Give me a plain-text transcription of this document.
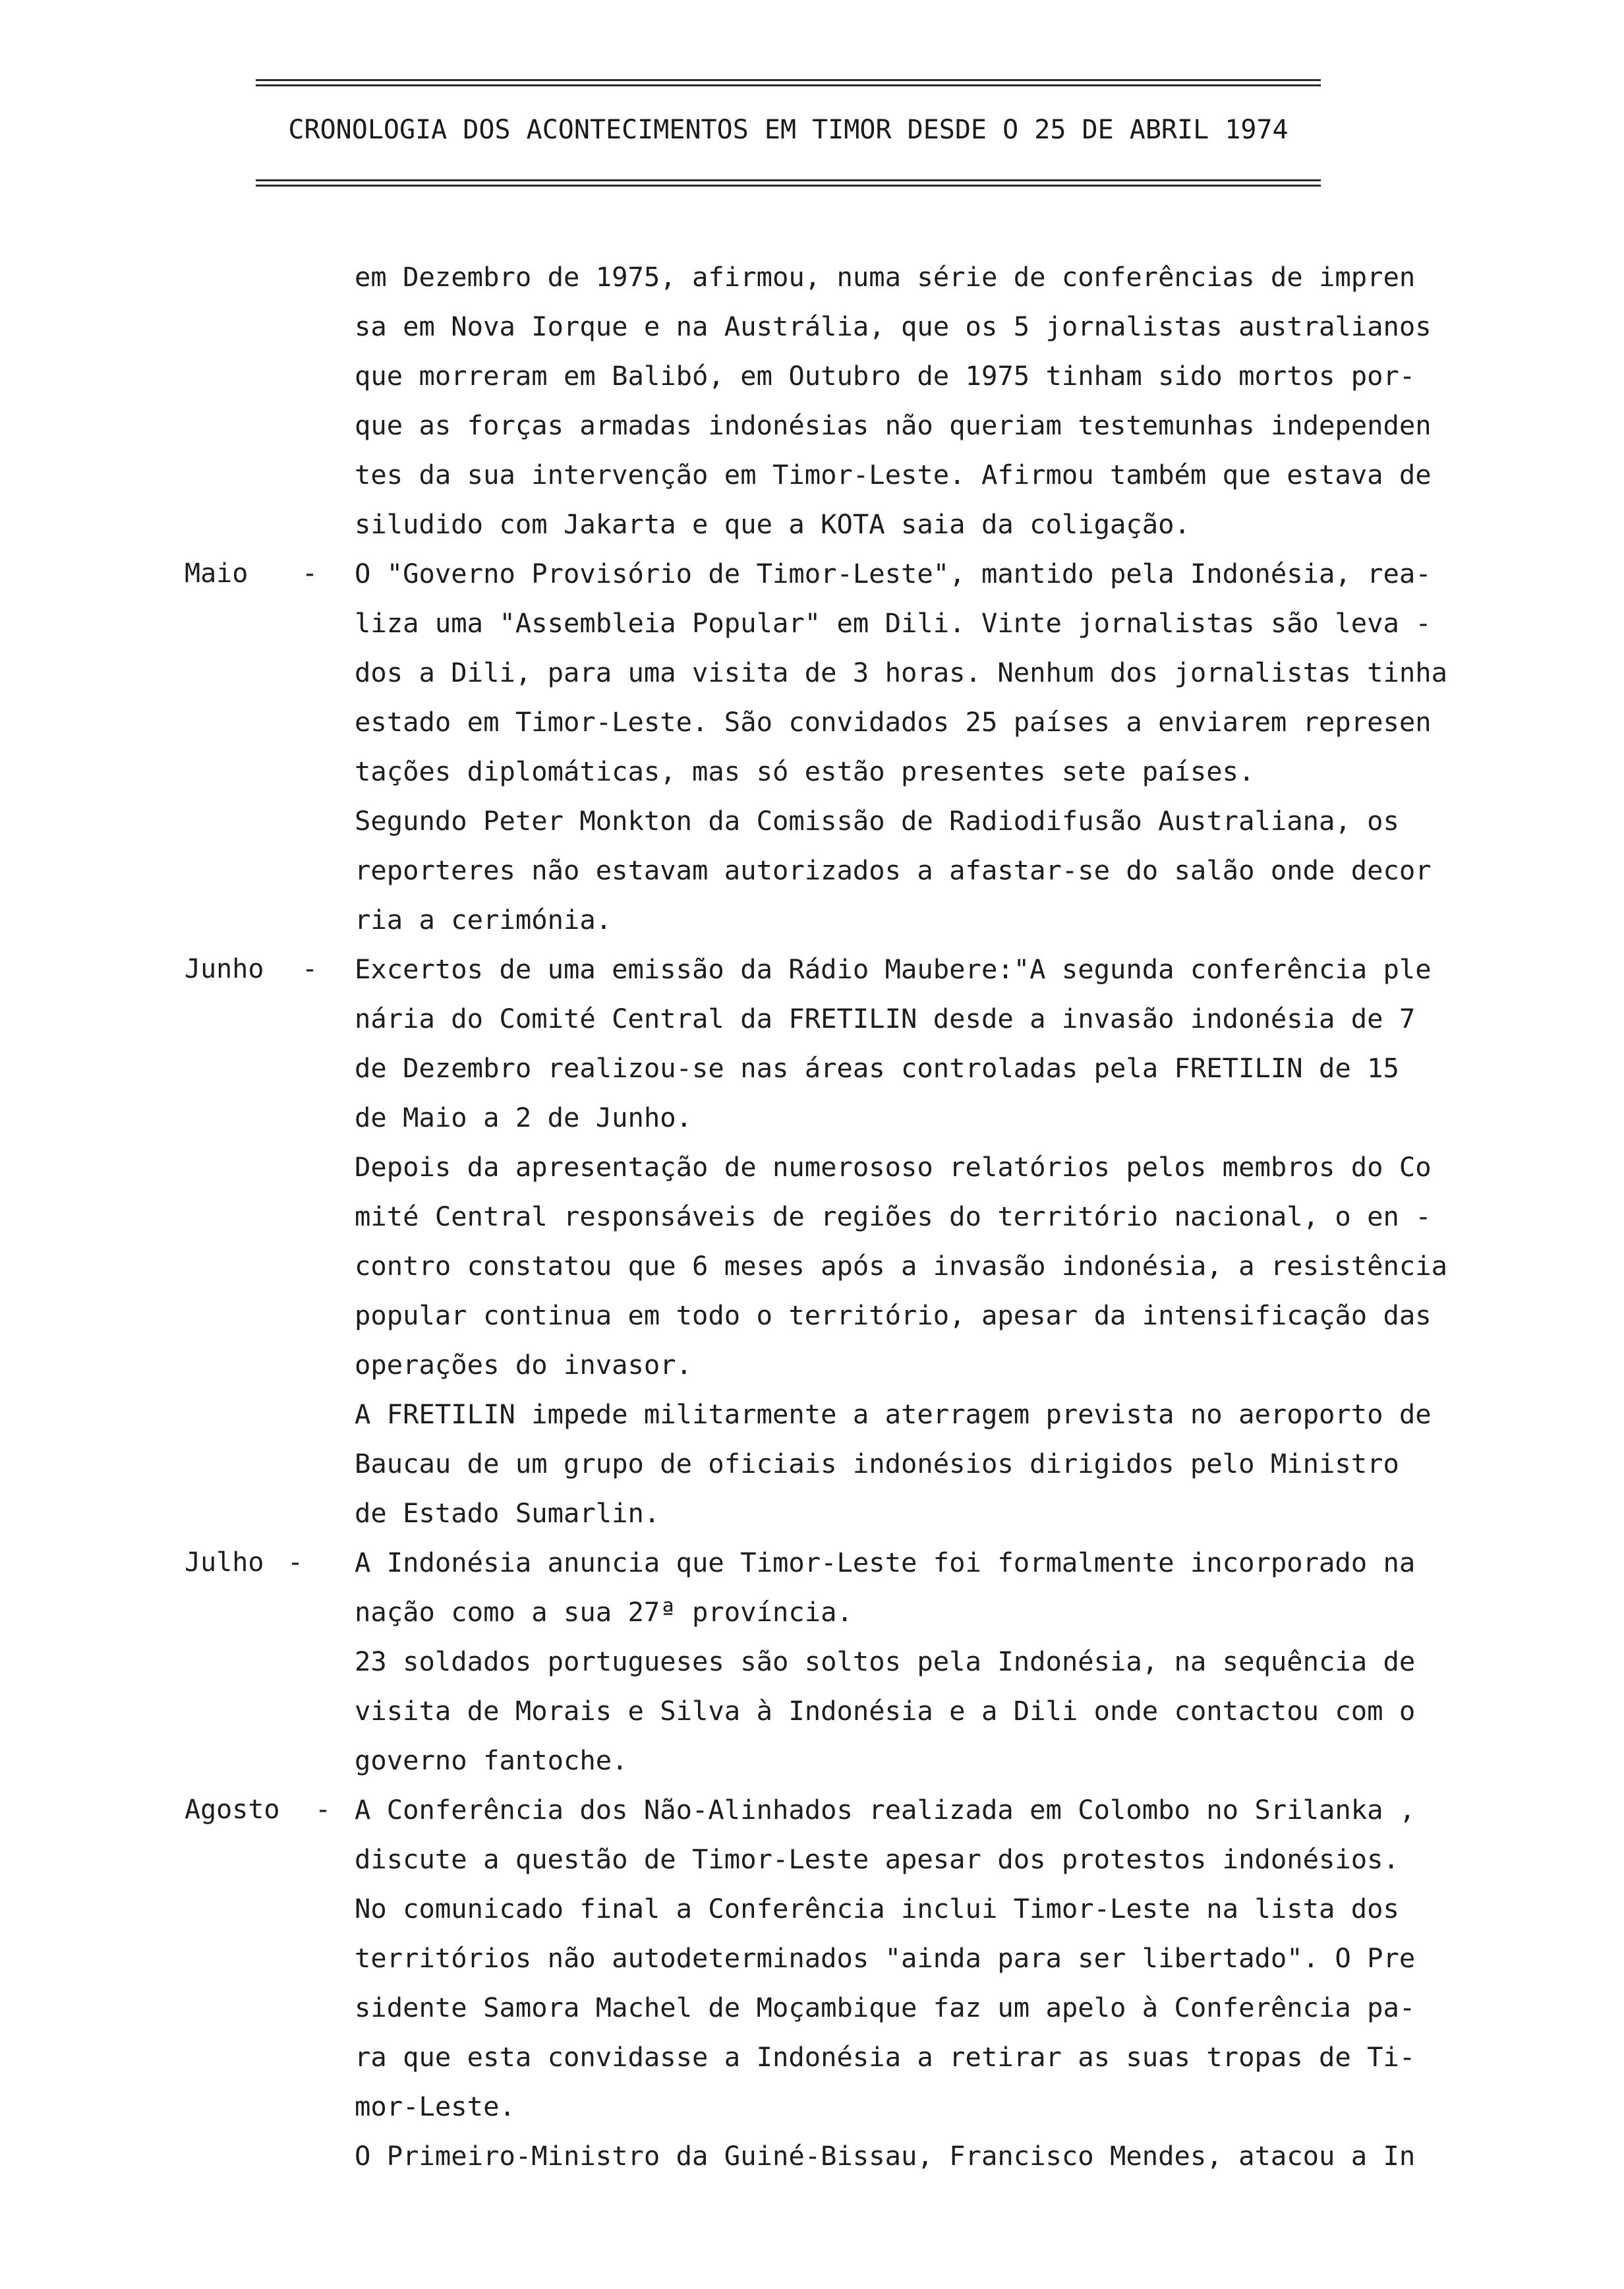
CRONOLOGIA DOS ACONTECIMENTOS EM TIMOR DESDE O 25 DE ABRIL 1974
em Dezembro de 1975, afirmou, numa série de conferências de impren
sa em Nova Iorque e na Austrália, que os 5 jornalistas australianos
que morreram em Balibó, em Outubro de 1975 tinham sido mortos por-
que as forças armadas indonésias não queriam testemunhas independen
tes da sua intervenção em Timor-Leste. Afirmou também que estava de
siludido com Jakarta e que a KOTA saia da coligação.
Maio - O "Governo Provisório de Timor-Leste", mantido pela Indonésia, rea-
liza uma "Assembleia Popular" em Dili. Vinte jornalistas são leva -
dos a Dili, para uma visita de 3 horas. Nenhum dos jornalistas tinha
estado em Timor-Leste. São convidados 25 países a enviarem represen
tações diplomáticas, mas só estão presentes sete países.
Segundo Peter Monkton da Comissão de Radiodifusão Australiana, os
reporteres não estavam autorizados a afastar-se do salão onde decor
ria a cerimónia.
Junho - Excertos de uma emissão da Rádio Maubere:"A segunda conferência ple
nária do Comité Central da FRETILIN desde a invasão indonésia de 7
de Dezembro realizou-se nas áreas controladas pela FRETILIN de 15
de Maio a 2 de Junho.
Depois da apresentação de numerososo relatórios pelos membros do Co
mité Central responsáveis de regiões do território nacional, o en -
contro constatou que 6 meses após a invasão indonésia, a resistência
popular continua em todo o território, apesar da intensificação das
operações do invasor.
A FRETILIN impede militarmente a aterragem prevista no aeroporto de
Baucau de um grupo de oficiais indonésios dirigidos pelo Ministro
de Estado Sumarlin.
Julho - A Indonésia anuncia que Timor-Leste foi formalmente incorporado na
nação como a sua 27ª província.
23 soldados portugueses são soltos pela Indonésia, na sequência de
visita de Morais e Silva à Indonésia e a Dili onde contactou com o
governo fantoche.
Agosto - A Conferência dos Não-Alinhados realizada em Colombo no Srilanka ,
discute a questão de Timor-Leste apesar dos protestos indonésios.
No comunicado final a Conferência inclui Timor-Leste na lista dos
territórios não autodeterminados "ainda para ser libertado". O Pre
sidente Samora Machel de Moçambique faz um apelo à Conferência pa-
ra que esta convidasse a Indonésia a retirar as suas tropas de Ti-
mor-Leste.
O Primeiro-Ministro da Guiné-Bissau, Francisco Mendes, atacou a In
